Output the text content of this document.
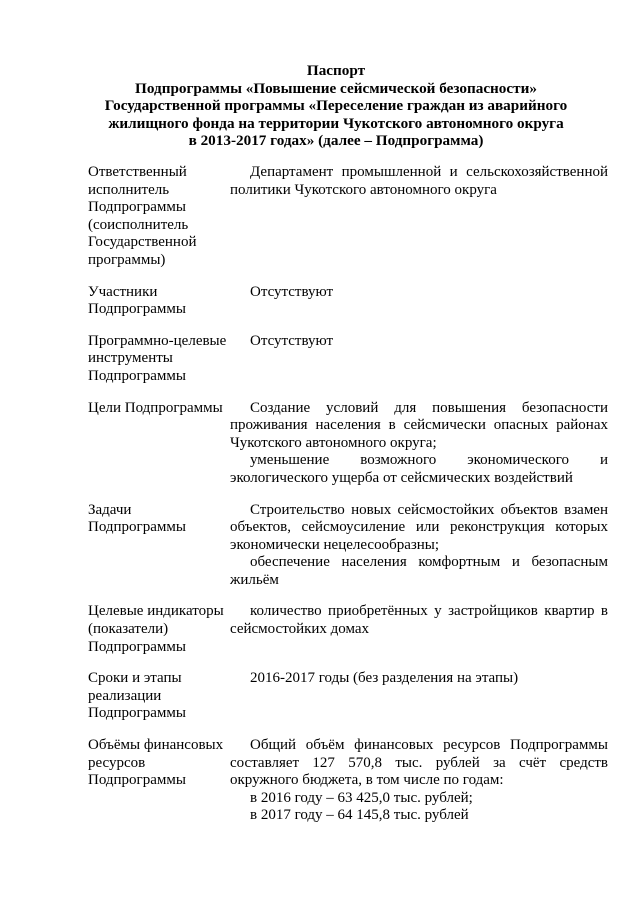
Паспорт
Подпрограммы «Повышение сейсмической безопасности»
Государственной программы «Переселение граждан из аварийного
жилищного фонда на территории Чукотского автономного округа
в 2013-2017 годах» (далее – Подпрограмма)
Ответственный исполнитель Подпрограммы (соисполнитель Государственной программы)	Департамент промышленной и сельскохозяйственной политики Чукотского автономного округа

Участники Подпрограммы	Отсутствуют

Программно-целевые инструменты Подпрограммы	Отсутствуют

Цели Подпрограммы	Создание условий для повышения безопасности проживания населения в сейсмически опасных районах Чукотского автономного округа;
уменьшение возможного экономического и экологического ущерба от сейсмических воздействий

Задачи Подпрограммы	Строительство новых сейсмостойких объектов взамен объектов, сейсмоусиление или реконструкция которых экономически нецелесообразны;
обеспечение населения комфортным и безопасным жильём

Целевые индикаторы (показатели) Подпрограммы	количество приобретённых у застройщиков квартир в сейсмостойких домах

Сроки и этапы реализации Подпрограммы	2016-2017 годы (без разделения на этапы)

Объёмы финансовых ресурсов Подпрограммы	Общий объём финансовых ресурсов Подпрограммы составляет 127 570,8 тыс. рублей за счёт средств окружного бюджета, в том числе по годам:
в 2016 году – 63 425,0 тыс. рублей;
в 2017 году – 64 145,8 тыс. рублей
